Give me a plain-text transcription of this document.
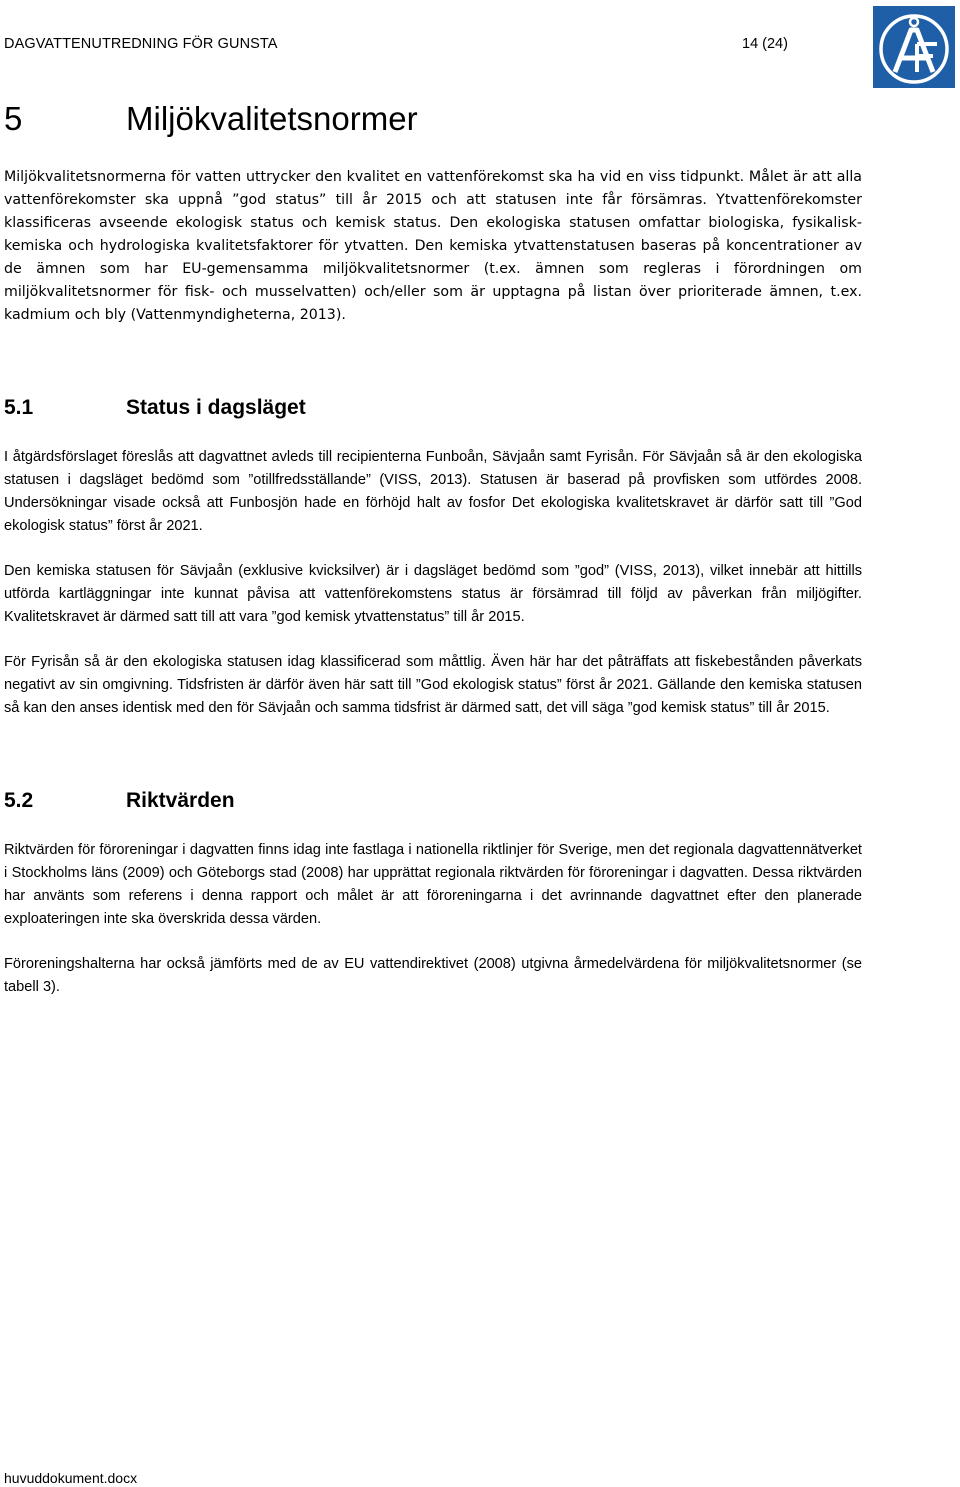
DAGVATTENUTREDNING FÖR GUNSTA	14 (24)
5	Miljökvalitetsnormer
Miljökvalitetsnormerna för vatten uttrycker den kvalitet en vattenförekomst ska ha vid en viss tidpunkt. Målet är att alla vattenförekomster ska uppnå ”god status” till år 2015 och att statusen inte får försämras. Ytvattenförekomster klassificeras avseende ekologisk status och kemisk status. Den ekologiska statusen omfattar biologiska, fysikalisk-kemiska och hydrologiska kvalitetsfaktorer för ytvatten. Den kemiska ytvattenstatusen baseras på koncentrationer av de ämnen som har EU-gemensamma miljökvalitetsnormer (t.ex. ämnen som regleras i förordningen om miljökvalitetsnormer för fisk- och musselvatten) och/eller som är upptagna på listan över prioriterade ämnen, t.ex. kadmium och bly (Vattenmyndigheterna, 2013).
5.1	Status i dagsläget
I åtgärdsförslaget föreslås att dagvattnet avleds till recipienterna Funboån, Sävjaån samt Fyrisån. För Sävjaån så är den ekologiska statusen i dagsläget bedömd som ”otillfredsställande” (VISS, 2013). Statusen är baserad på provfisken som utfördes 2008. Undersökningar visade också att Funbosjön hade en förhöjd halt av fosfor Det ekologiska kvalitetskravet är därför satt till ”God ekologisk status” först år 2021.
Den kemiska statusen för Sävjaån (exklusive kvicksilver) är i dagsläget bedömd som ”god” (VISS, 2013), vilket innebär att hittills utförda kartläggningar inte kunnat påvisa att vattenförekomstens status är försämrad till följd av påverkan från miljögifter. Kvalitetskravet är därmed satt till att vara ”god kemisk ytvattenstatus” till år 2015.
För Fyrisån så är den ekologiska statusen idag klassificerad som måttlig. Även här har det påträffats att fiskebestånden påverkats negativt av sin omgivning. Tidsfristen är därför även här satt till ”God ekologisk status” först år 2021. Gällande den kemiska statusen så kan den anses identisk med den för Sävjaån och samma tidsfrist är därmed satt, det vill säga ”god kemisk status” till år 2015.
5.2	Riktvärden
Riktvärden för föroreningar i dagvatten finns idag inte fastlaga i nationella riktlinjer för Sverige, men det regionala dagvattennätverket i Stockholms läns (2009) och Göteborgs stad (2008) har upprättat regionala riktvärden för föroreningar i dagvatten. Dessa riktvärden har använts som referens i denna rapport och målet är att föroreningarna i det avrinnande dagvattnet efter den planerade exploateringen inte ska överskrida dessa värden.
Föroreningshalterna har också jämförts med de av EU vattendirektivet (2008) utgivna årmedelvärdena för miljökvalitetsnormer (se tabell 3).
huvuddokument.docx
